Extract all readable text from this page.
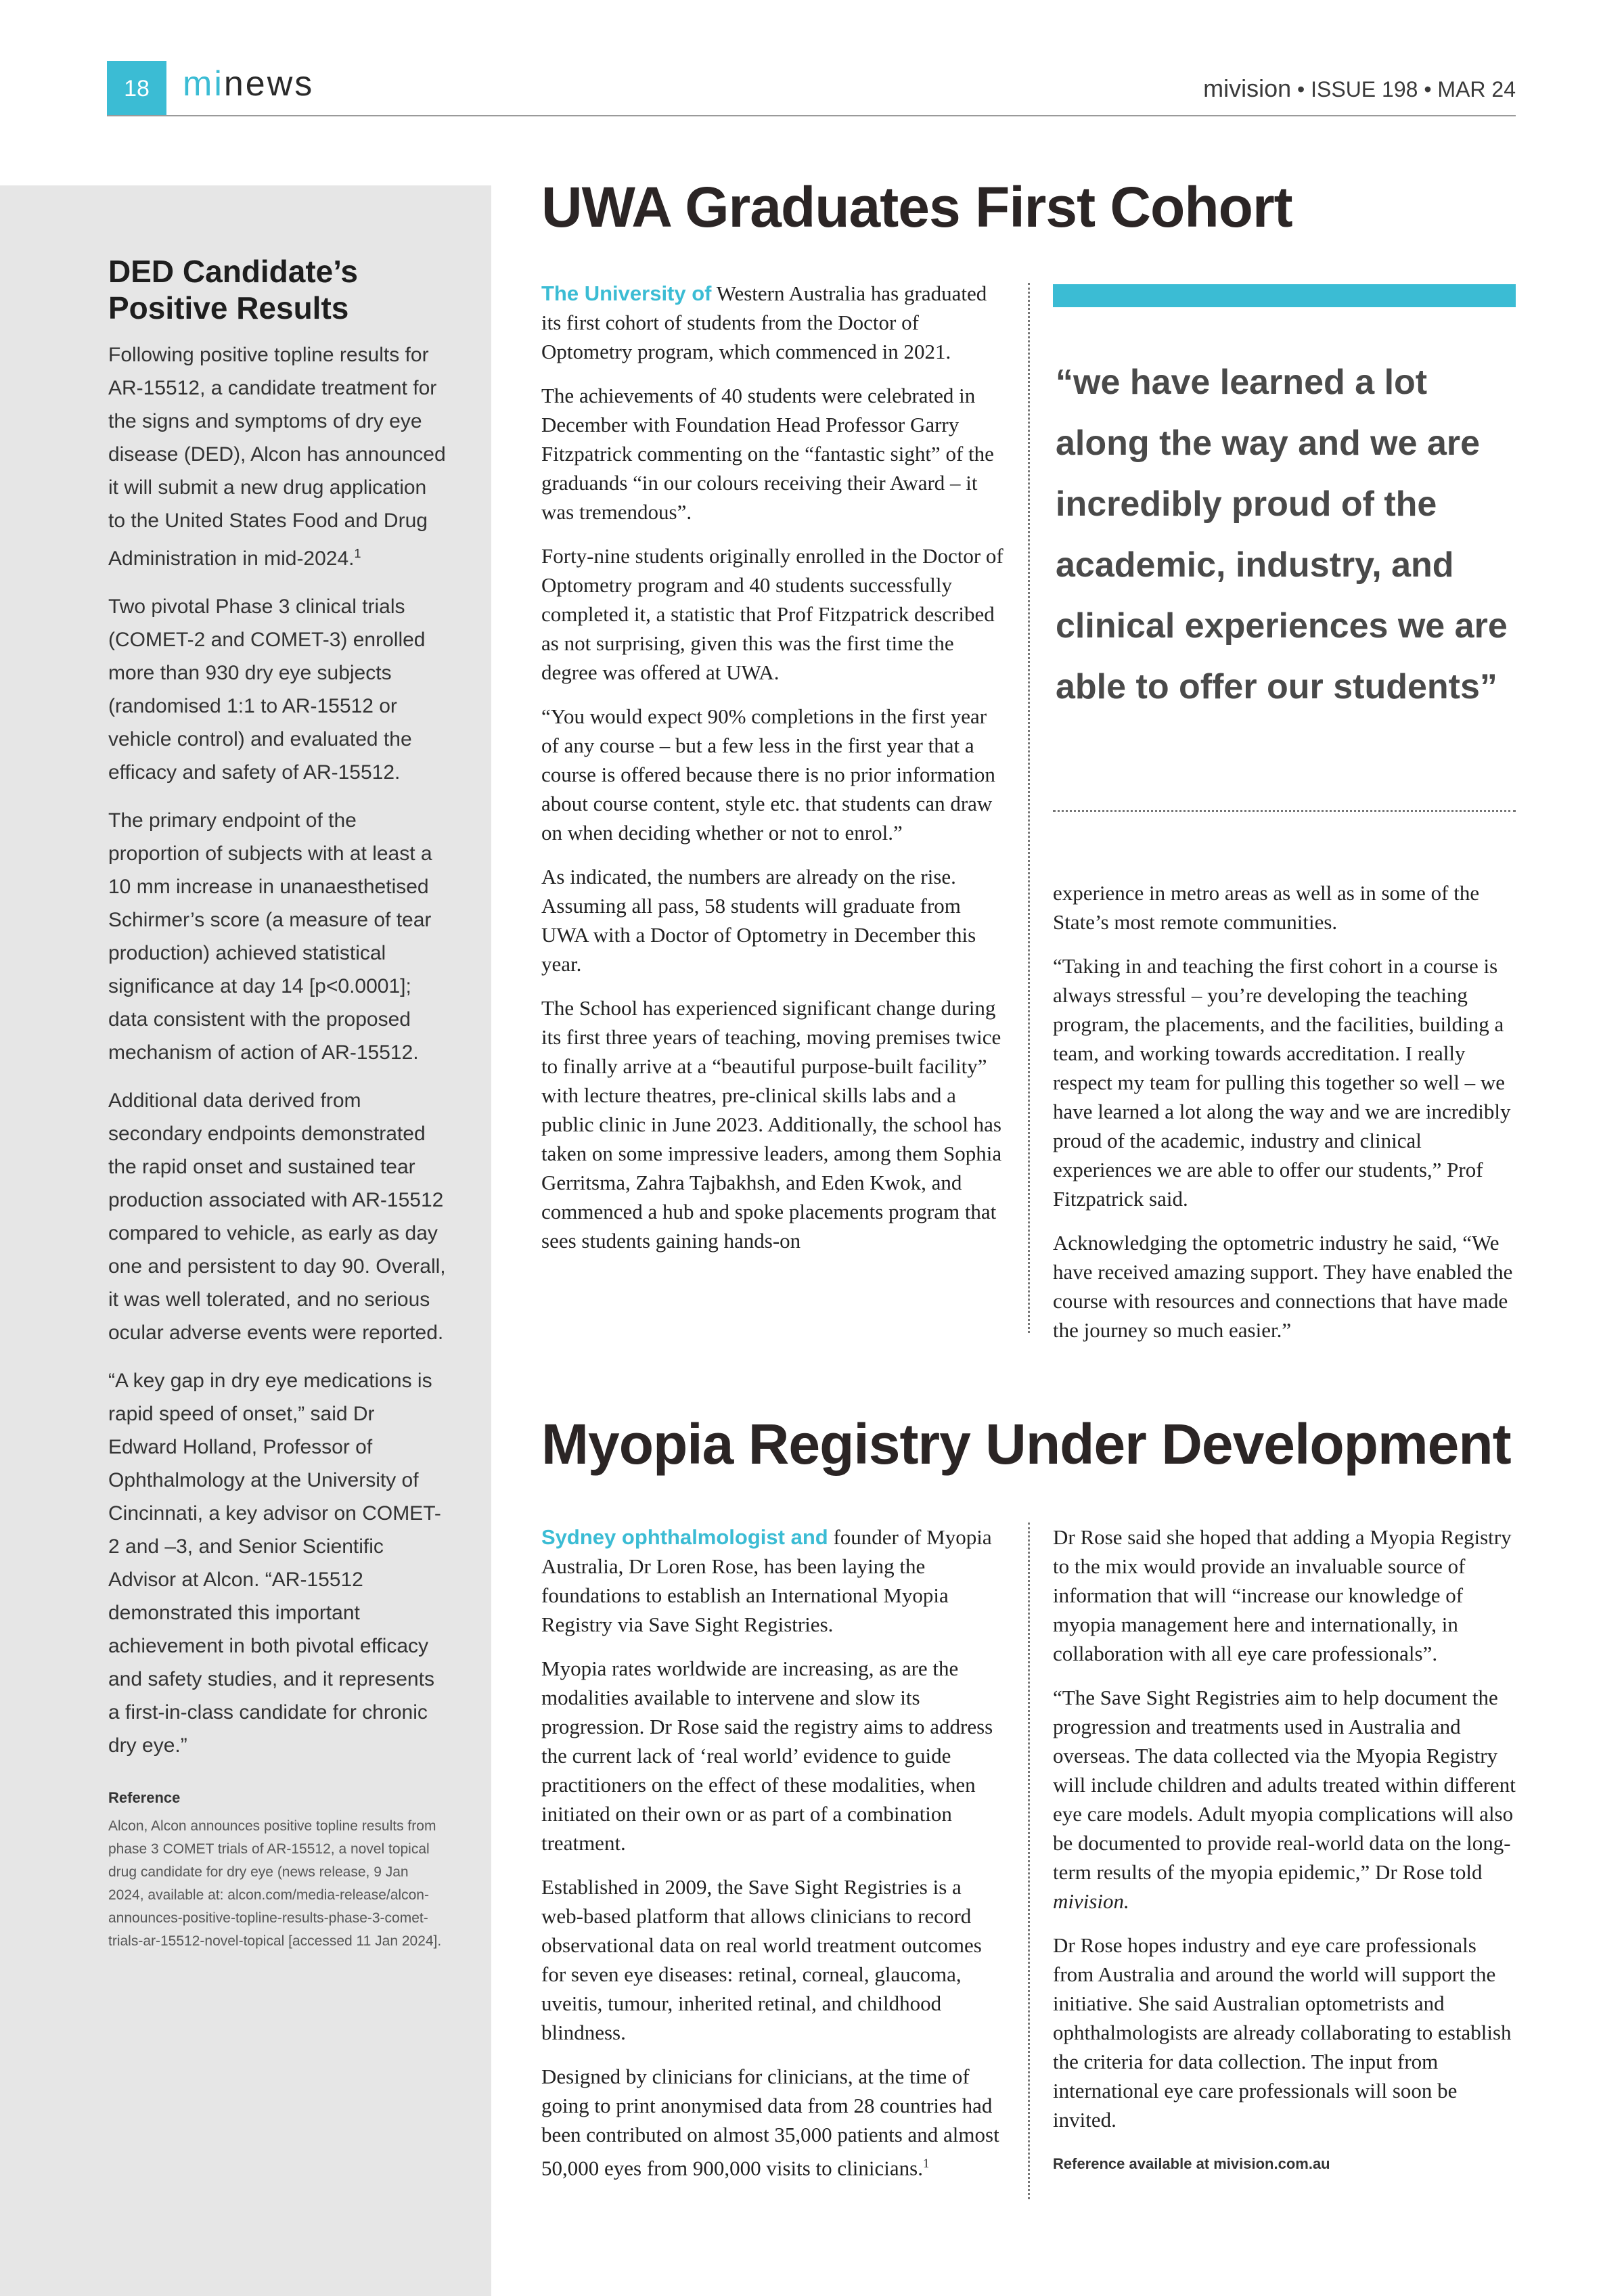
18 minews	mivision • ISSUE 198 • MAR 24
DED Candidate’s Positive Results

Following positive topline results for AR-15512, a candidate treatment for the signs and symptoms of dry eye disease (DED), Alcon has announced it will submit a new drug application to the United States Food and Drug Administration in mid-2024.$^1$

Two pivotal Phase 3 clinical trials (COMET-2 and COMET-3) enrolled more than 930 dry eye subjects (randomised 1:1 to AR-15512 or vehicle control) and evaluated the efficacy and safety of AR-15512.

The primary endpoint of the proportion of subjects with at least a 10 mm increase in unanaesthetised Schirmer’s score (a measure of tear production) achieved statistical significance at day 14 [p<0.0001]; data consistent with the proposed mechanism of action of AR-15512.

Additional data derived from secondary endpoints demonstrated the rapid onset and sustained tear production associated with AR-15512 compared to vehicle, as early as day one and persistent to day 90. Overall, it was well tolerated, and no serious ocular adverse events were reported.

“A key gap in dry eye medications is rapid speed of onset,” said Dr Edward Holland, Professor of Ophthalmology at the University of Cincinnati, a key advisor on COMET-2 and –3, and Senior Scientific Advisor at Alcon. “AR-15512 demonstrated this important achievement in both pivotal efficacy and safety studies, and it represents a first-in-class candidate for chronic dry eye.”

Reference

Alcon, Alcon announces positive topline results from phase 3 COMET trials of AR-15512, a novel topical drug candidate for dry eye (news release, 9 Jan 2024, available at: alcon.com/media-release/alcon-announces-positive-topline-results-phase-3-comet-trials-ar-15512-novel-topical [accessed 11 Jan 2024].

UWA Graduates First Cohort

The University of Western Australia has graduated its first cohort of students from the Doctor of Optometry program, which commenced in 2021.

The achievements of 40 students were celebrated in December with Foundation Head Professor Garry Fitzpatrick commenting on the “fantastic sight” of the graduands “in our colours receiving their Award – it was tremendous”.

Forty-nine students originally enrolled in the Doctor of Optometry program and 40 students successfully completed it, a statistic that Prof Fitzpatrick described as not surprising, given this was the first time the degree was offered at UWA.

“You would expect 90% completions in the first year of any course – but a few less in the first year that a course is offered because there is no prior information about course content, style etc. that students can draw on when deciding whether or not to enrol.”

As indicated, the numbers are already on the rise. Assuming all pass, 58 students will graduate from UWA with a Doctor of Optometry in December this year.

The School has experienced significant change during its first three years of teaching, moving premises twice to finally arrive at a “beautiful purpose-built facility” with lecture theatres, pre-clinical skills labs and a public clinic in June 2023. Additionally, the school has taken on some impressive leaders, among them Sophia Gerritsma, Zahra Tajbakhsh, and Eden Kwok, and commenced a hub and spoke placements program that sees students gaining hands-on

“we have learned a lot along the way and we are incredibly proud of the academic, industry, and clinical experiences we are able to offer our students”

experience in metro areas as well as in some of the State’s most remote communities.

“Taking in and teaching the first cohort in a course is always stressful – you’re developing the teaching program, the placements, and the facilities, building a team, and working towards accreditation. I really respect my team for pulling this together so well – we have learned a lot along the way and we are incredibly proud of the academic, industry and clinical experiences we are able to offer our students,” Prof Fitzpatrick said.

Acknowledging the optometric industry he said, “We have received amazing support. They have enabled the course with resources and connections that have made the journey so much easier.”

Myopia Registry Under Development

Sydney ophthalmologist and founder of Myopia Australia, Dr Loren Rose, has been laying the foundations to establish an International Myopia Registry via Save Sight Registries.

Myopia rates worldwide are increasing, as are the modalities available to intervene and slow its progression. Dr Rose said the registry aims to address the current lack of ‘real world’ evidence to guide practitioners on the effect of these modalities, when initiated on their own or as part of a combination treatment.

Established in 2009, the Save Sight Registries is a web-based platform that allows clinicians to record observational data on real world treatment outcomes for seven eye diseases: retinal, corneal, glaucoma, uveitis, tumour, inherited retinal, and childhood blindness.

Designed by clinicians for clinicians, at the time of going to print anonymised data from 28 countries had been contributed on almost 35,000 patients and almost 50,000 eyes from 900,000 visits to clinicians.$^1$

Dr Rose said she hoped that adding a Myopia Registry to the mix would provide an invaluable source of information that will “increase our knowledge of myopia management here and internationally, in collaboration with all eye care professionals”.

“The Save Sight Registries aim to help document the progression and treatments used in Australia and overseas. The data collected via the Myopia Registry will include children and adults treated within different eye care models. Adult myopia complications will also be documented to provide real-world data on the long-term results of the myopia epidemic,” Dr Rose told mivision.

Dr Rose hopes industry and eye care professionals from Australia and around the world will support the initiative. She said Australian optometrists and ophthalmologists are already collaborating to establish the criteria for data collection. The input from international eye care professionals will soon be invited.

Reference available at mivision.com.au
